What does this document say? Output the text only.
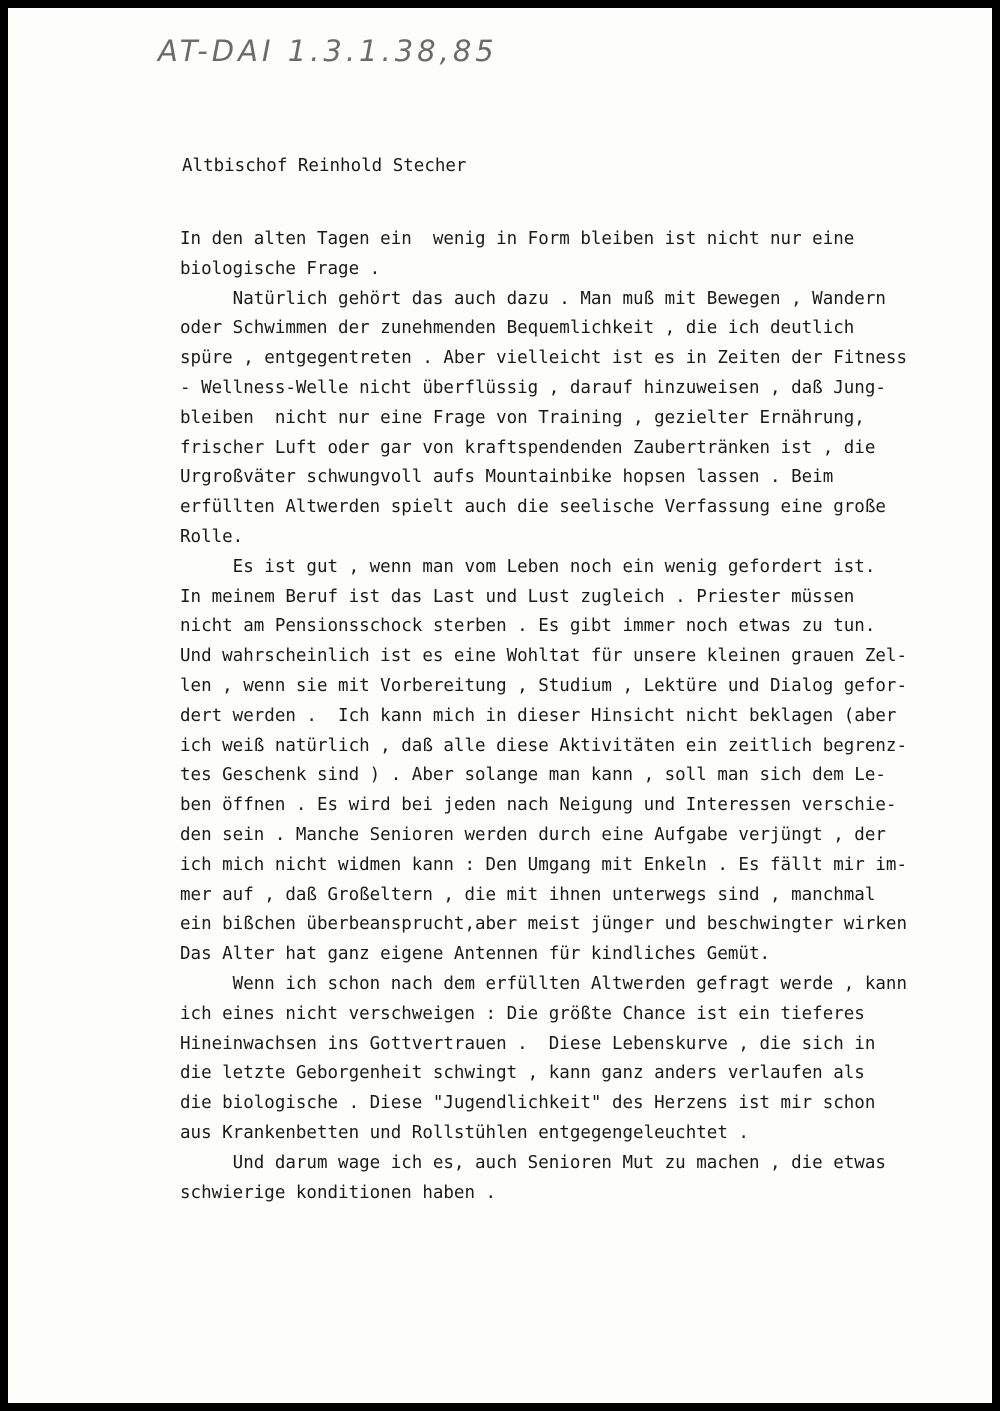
AT-DAI 1.3.1.38,85
Altbischof Reinhold Stecher
In den alten Tagen ein  wenig in Form bleiben ist nicht nur eine
biologische Frage .
Natürlich gehört das auch dazu . Man muß mit Bewegen , Wandern
oder Schwimmen der zunehmenden Bequemlichkeit , die ich deutlich
spüre , entgegentreten . Aber vielleicht ist es in Zeiten der Fitness
- Wellness-Welle nicht überflüssig , darauf hinzuweisen , daß Jung-
bleiben  nicht nur eine Frage von Training , gezielter Ernährung,
frischer Luft oder gar von kraftspendenden Zaubertränken ist , die
Urgroßväter schwungvoll aufs Mountainbike hopsen lassen . Beim
erfüllten Altwerden spielt auch die seelische Verfassung eine große
Rolle.
Es ist gut , wenn man vom Leben noch ein wenig gefordert ist.
In meinem Beruf ist das Last und Lust zugleich . Priester müssen
nicht am Pensionsschock sterben . Es gibt immer noch etwas zu tun.
Und wahrscheinlich ist es eine Wohltat für unsere kleinen grauen Zel-
len , wenn sie mit Vorbereitung , Studium , Lektüre und Dialog gefor-
dert werden .  Ich kann mich in dieser Hinsicht nicht beklagen (aber
ich weiß natürlich , daß alle diese Aktivitäten ein zeitlich begrenz-
tes Geschenk sind ) . Aber solange man kann , soll man sich dem Le-
ben öffnen . Es wird bei jeden nach Neigung und Interessen verschie-
den sein . Manche Senioren werden durch eine Aufgabe verjüngt , der
ich mich nicht widmen kann : Den Umgang mit Enkeln . Es fällt mir im-
mer auf , daß Großeltern , die mit ihnen unterwegs sind , manchmal
ein bißchen überbeansprucht,aber meist jünger und beschwingter wirken
Das Alter hat ganz eigene Antennen für kindliches Gemüt.
Wenn ich schon nach dem erfüllten Altwerden gefragt werde , kann
ich eines nicht verschweigen : Die größte Chance ist ein tieferes
Hineinwachsen ins Gottvertrauen .  Diese Lebenskurve , die sich in
die letzte Geborgenheit schwingt , kann ganz anders verlaufen als
die biologische . Diese "Jugendlichkeit" des Herzens ist mir schon
aus Krankenbetten und Rollstühlen entgegengeleuchtet .
Und darum wage ich es, auch Senioren Mut zu machen , die etwas
schwierige konditionen haben .
